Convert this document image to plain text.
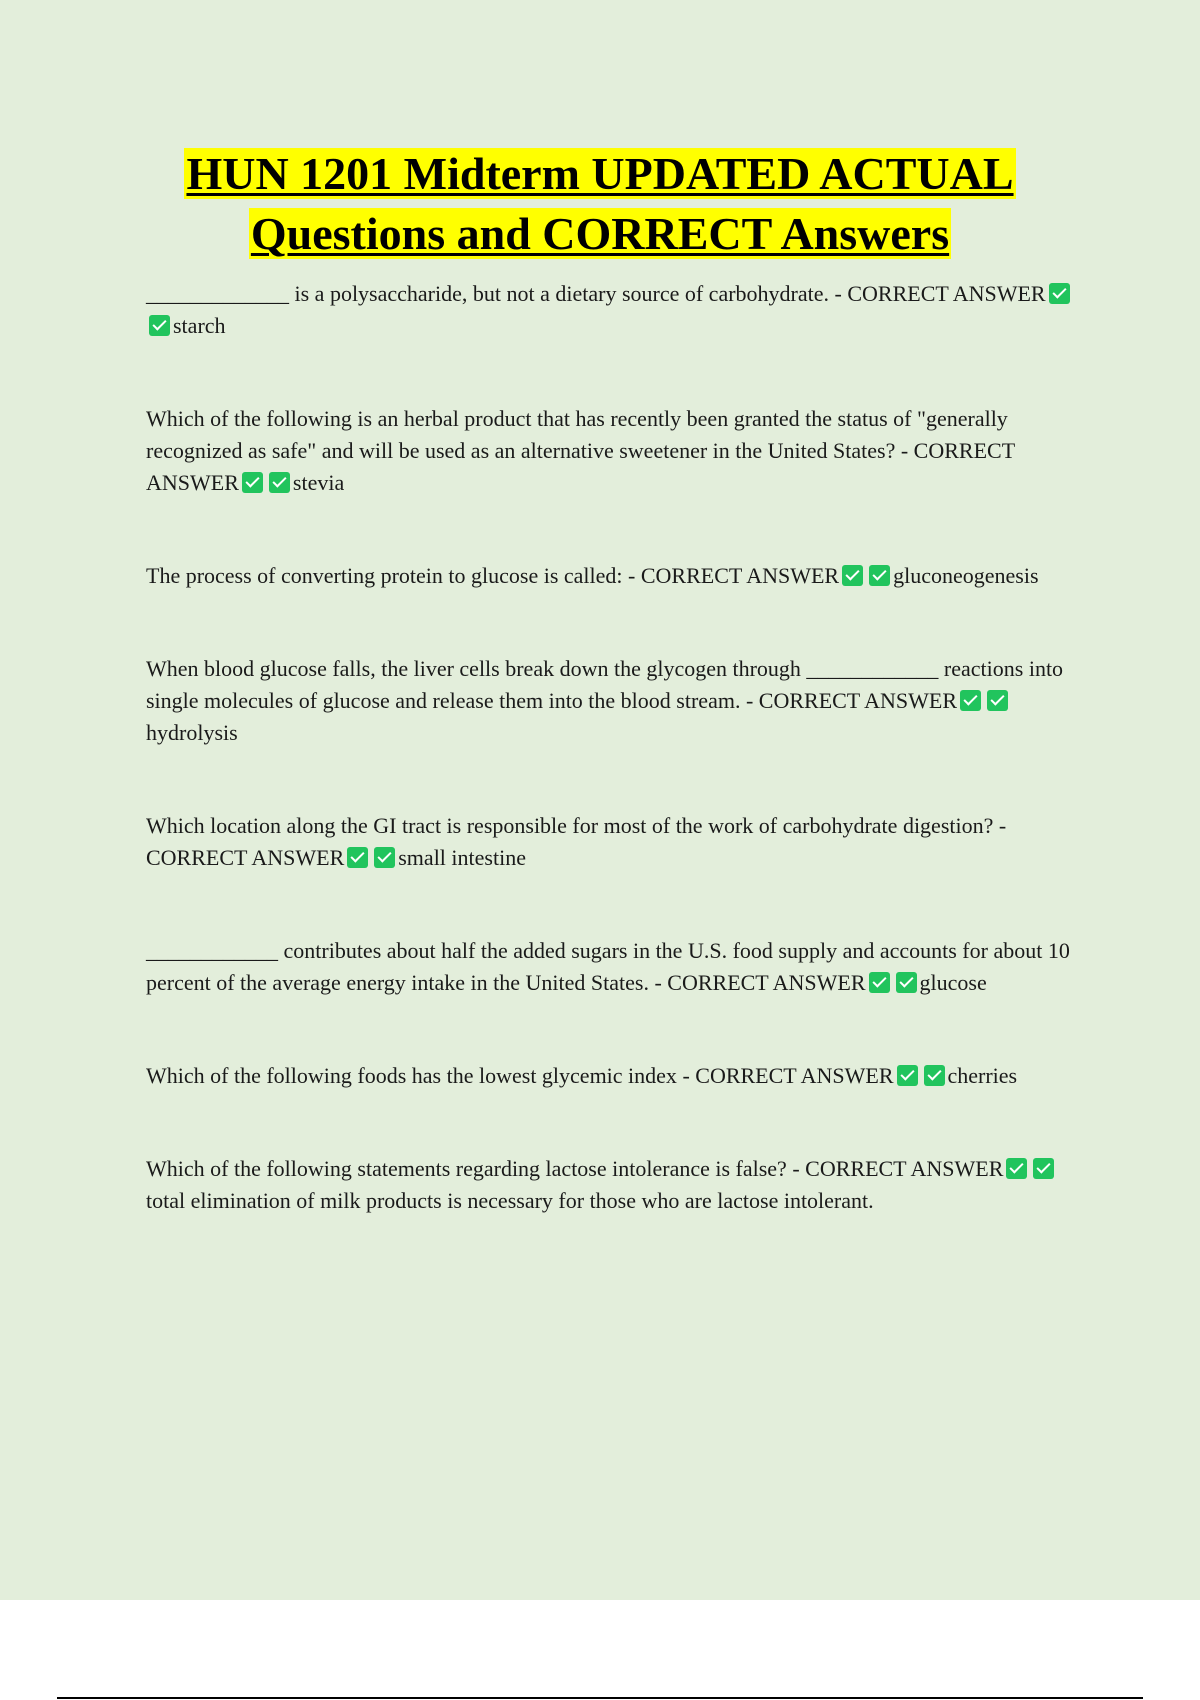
HUN 1201 Midterm UPDATED ACTUAL
Questions and CORRECT Answers
_____________ is a polysaccharide, but not a dietary source of carbohydrate. - CORRECT ANSWERstarch
Which of the following is an herbal product that has recently been granted the status of "generally recognized as safe" and will be used as an alternative sweetener in the United States? - CORRECT ANSWER stevia
The process of converting protein to glucose is called: - CORRECT ANSWER gluconeogenesis
When blood glucose falls, the liver cells break down the glycogen through ____________ reactions into single molecules of glucose and release them into the blood stream. - CORRECT ANSWERhydrolysis
Which location along the GI tract is responsible for most of the work of carbohydrate digestion? - CORRECT ANSWER small intestine
____________ contributes about half the added sugars in the U.S. food supply and accounts for about 10 percent of the average energy intake in the United States. - CORRECT ANSWER glucose
Which of the following foods has the lowest glycemic index - CORRECT ANSWER cherries
Which of the following statements regarding lactose intolerance is false? - CORRECT ANSWERtotal elimination of milk products is necessary for those who are lactose intolerant.
